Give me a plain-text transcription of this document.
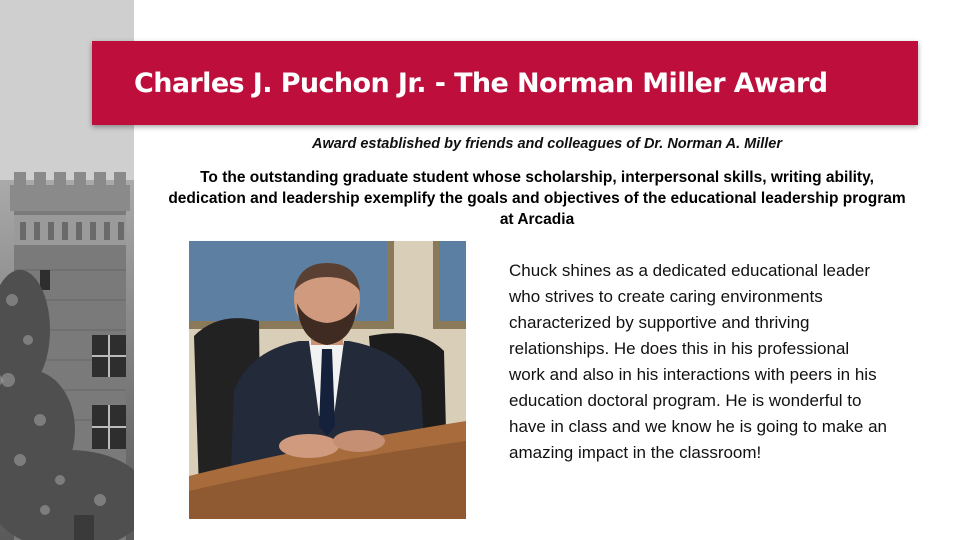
Charles J. Puchon Jr. - The Norman Miller Award
Award established by friends and colleagues of Dr. Norman A. Miller
To the outstanding graduate student whose scholarship, interpersonal skills, writing ability, dedication and leadership exemplify the goals and objectives of the educational leadership program at Arcadia
Chuck shines as a dedicated educational leader who strives to create caring environments characterized by supportive and thriving relationships. He does this in his professional work and also in his interactions with peers in his education doctoral program. He is wonderful to have in class and we know he is going to make an amazing impact in the classroom!
